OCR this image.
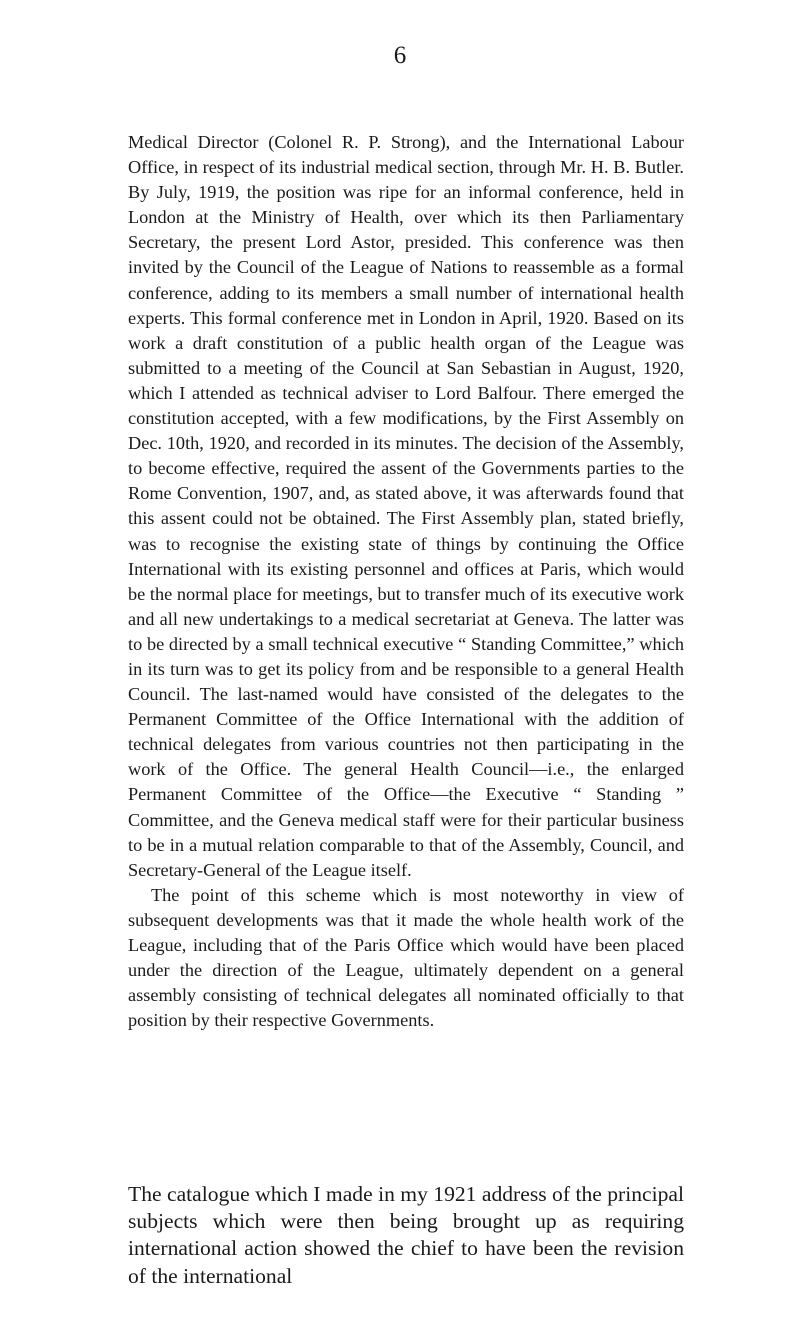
6

Medical Director (Colonel R. P. Strong), and the International Labour Office, in respect of its industrial medical section, through Mr. H. B. Butler. By July, 1919, the position was ripe for an informal conference, held in London at the Ministry of Health, over which its then Parliamentary Secretary, the present Lord Astor, presided. This conference was then invited by the Council of the League of Nations to reassemble as a formal conference, adding to its members a small number of international health experts. This formal conference met in London in April, 1920. Based on its work a draft constitution of a public health organ of the League was submitted to a meeting of the Council at San Sebastian in August, 1920, which I attended as technical adviser to Lord Balfour. There emerged the constitution accepted, with a few modifications, by the First Assembly on Dec. 10th, 1920, and recorded in its minutes. The decision of the Assembly, to become effective, required the assent of the Governments parties to the Rome Convention, 1907, and, as stated above, it was afterwards found that this assent could not be obtained. The First Assembly plan, stated briefly, was to recognise the existing state of things by continuing the Office International with its existing personnel and offices at Paris, which would be the normal place for meetings, but to transfer much of its executive work and all new undertakings to a medical secretariat at Geneva. The latter was to be directed by a small technical executive “ Standing Committee,” which in its turn was to get its policy from and be responsible to a general Health Council. The last-named would have consisted of the delegates to the Permanent Committee of the Office International with the addition of technical delegates from various countries not then participating in the work of the Office. The general Health Council—i.e., the enlarged Permanent Committee of the Office—the Executive “ Standing ” Committee, and the Geneva medical staff were for their particular business to be in a mutual relation comparable to that of the Assembly, Council, and Secretary-General of the League itself.

The point of this scheme which is most noteworthy in view of subsequent developments was that it made the whole health work of the League, including that of the Paris Office which would have been placed under the direction of the League, ultimately dependent on a general assembly consisting of technical delegates all nominated officially to that position by their respective Governments.

The catalogue which I made in my 1921 address of the principal subjects which were then being brought up as requiring international action showed the chief to have been the revision of the international
